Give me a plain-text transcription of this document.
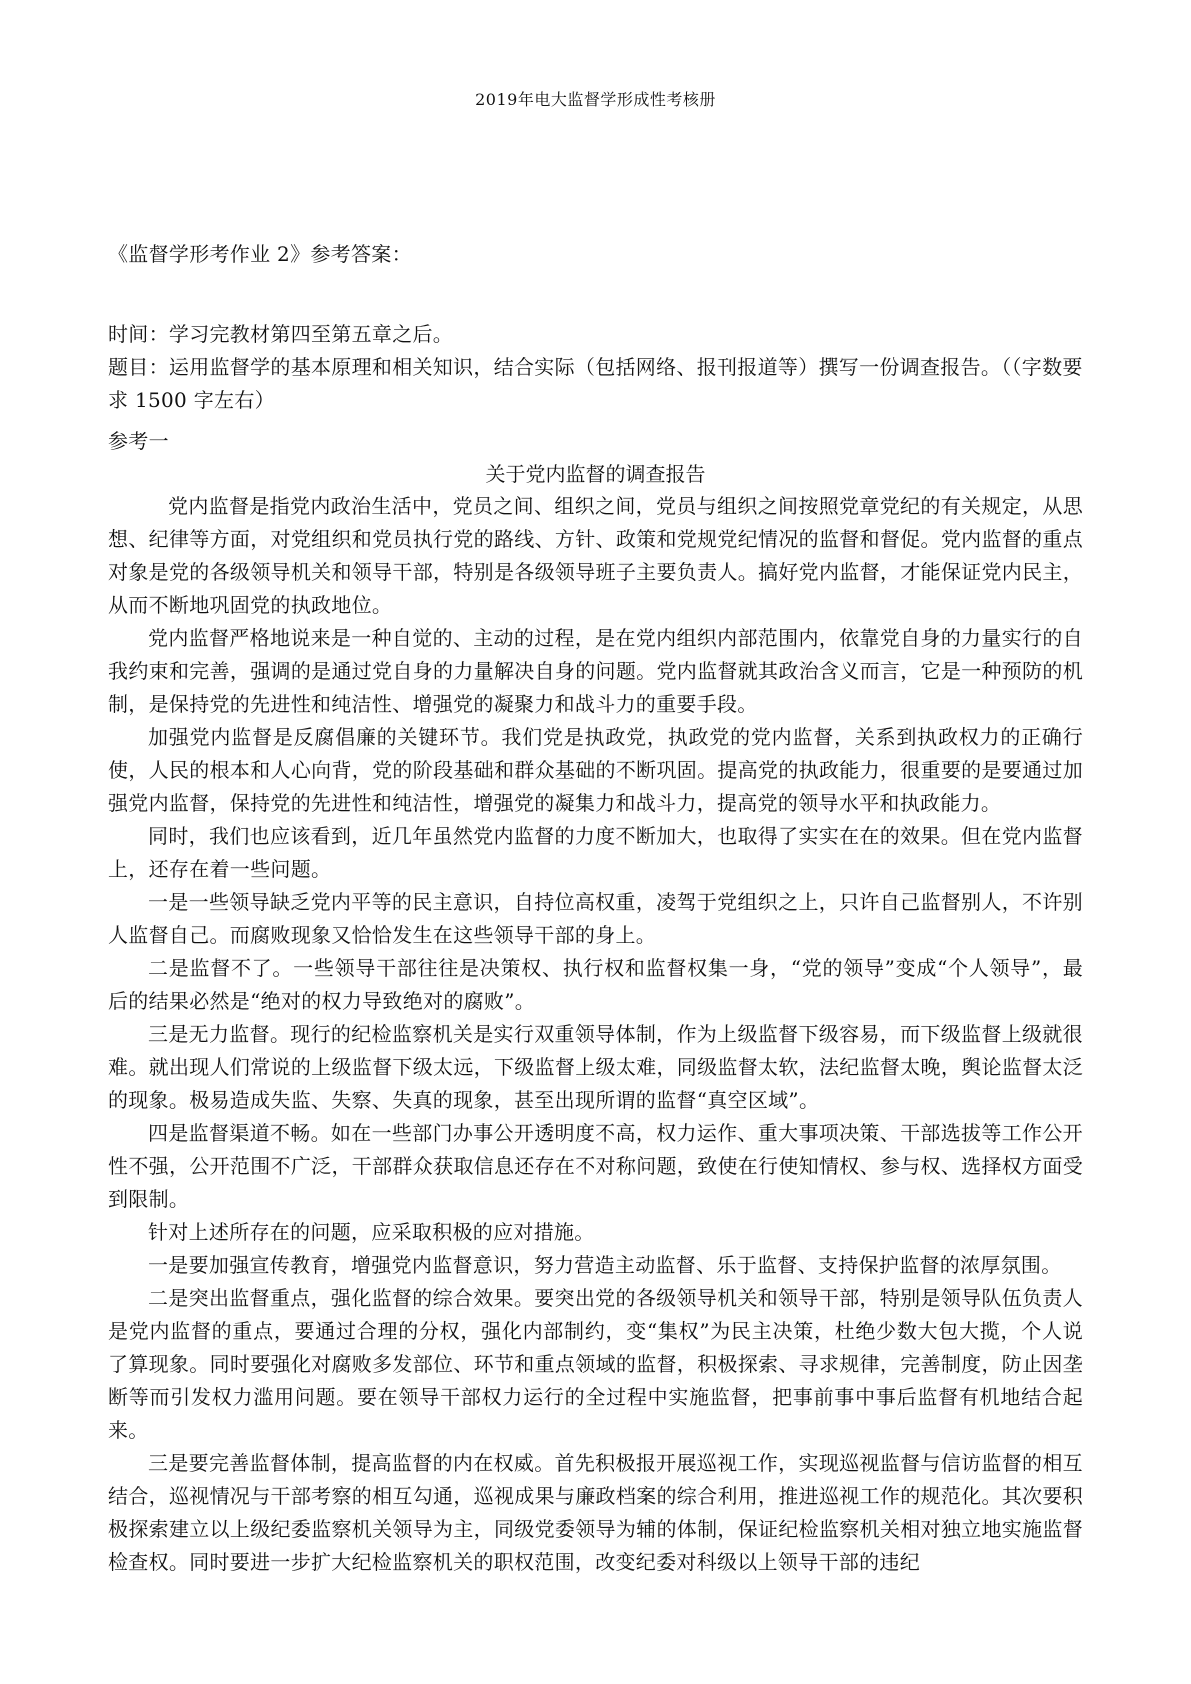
2019年电大监督学形成性考核册
《监督学形考作业 2》参考答案：

时间：学习完教材第四至第五章之后。

题目：运用监督学的基本原理和相关知识，结合实际（包括网络、报刊报道等）撰写一份调查报告。（（字数要求 1500 字左右）

参考一
关于党内监督的调查报告

党内监督是指党内政治生活中，党员之间、组织之间，党员与组织之间按照党章党纪的有关规定，从思想、纪律等方面，对党组织和党员执行党的路线、方针、政策和党规党纪情况的监督和督促。党内监督的重点对象是党的各级领导机关和领导干部，特别是各级领导班子主要负责人。搞好党内监督，才能保证党内民主，从而不断地巩固党的执政地位。

党内监督严格地说来是一种自觉的、主动的过程，是在党内组织内部范围内，依靠党自身的力量实行的自我约束和完善，强调的是通过党自身的力量解决自身的问题。党内监督就其政治含义而言，它是一种预防的机制，是保持党的先进性和纯洁性、增强党的凝聚力和战斗力的重要手段。

加强党内监督是反腐倡廉的关键环节。我们党是执政党，执政党的党内监督，关系到执政权力的正确行使，人民的根本和人心向背，党的阶段基础和群众基础的不断巩固。提高党的执政能力，很重要的是要通过加强党内监督，保持党的先进性和纯洁性，增强党的凝集力和战斗力，提高党的领导水平和执政能力。

同时，我们也应该看到，近几年虽然党内监督的力度不断加大，也取得了实实在在的效果。但在党内监督上，还存在着一些问题。

一是一些领导缺乏党内平等的民主意识，自持位高权重，凌驾于党组织之上，只许自己监督别人，不许别人监督自己。而腐败现象又恰恰发生在这些领导干部的身上。

二是监督不了。一些领导干部往往是决策权、执行权和监督权集一身，“党的领导”变成“个人领导”，最后的结果必然是“绝对的权力导致绝对的腐败”。

三是无力监督。现行的纪检监察机关是实行双重领导体制，作为上级监督下级容易，而下级监督上级就很难。就出现人们常说的上级监督下级太远，下级监督上级太难，同级监督太软，法纪监督太晚，舆论监督太泛的现象。极易造成失监、失察、失真的现象，甚至出现所谓的监督“真空区域”。

四是监督渠道不畅。如在一些部门办事公开透明度不高，权力运作、重大事项决策、干部选拔等工作公开性不强，公开范围不广泛，干部群众获取信息还存在不对称问题，致使在行使知情权、参与权、选择权方面受到限制。

针对上述所存在的问题，应采取积极的应对措施。

一是要加强宣传教育，增强党内监督意识，努力营造主动监督、乐于监督、支持保护监督的浓厚氛围。

二是突出监督重点，强化监督的综合效果。要突出党的各级领导机关和领导干部，特别是领导队伍负责人是党内监督的重点，要通过合理的分权，强化内部制约，变“集权”为民主决策，杜绝少数大包大揽，个人说了算现象。同时要强化对腐败多发部位、环节和重点领域的监督，积极探索、寻求规律，完善制度，防止因垄断等而引发权力滥用问题。要在领导干部权力运行的全过程中实施监督，把事前事中事后监督有机地结合起来。

三是要完善监督体制，提高监督的内在权威。首先积极报开展巡视工作，实现巡视监督与信访监督的相互结合，巡视情况与干部考察的相互勾通，巡视成果与廉政档案的综合利用，推进巡视工作的规范化。其次要积极探索建立以上级纪委监察机关领导为主，同级党委领导为辅的体制，保证纪检监察机关相对独立地实施监督检查权。同时要进一步扩大纪检监察机关的职权范围，改变纪委对科级以上领导干部的违纪
